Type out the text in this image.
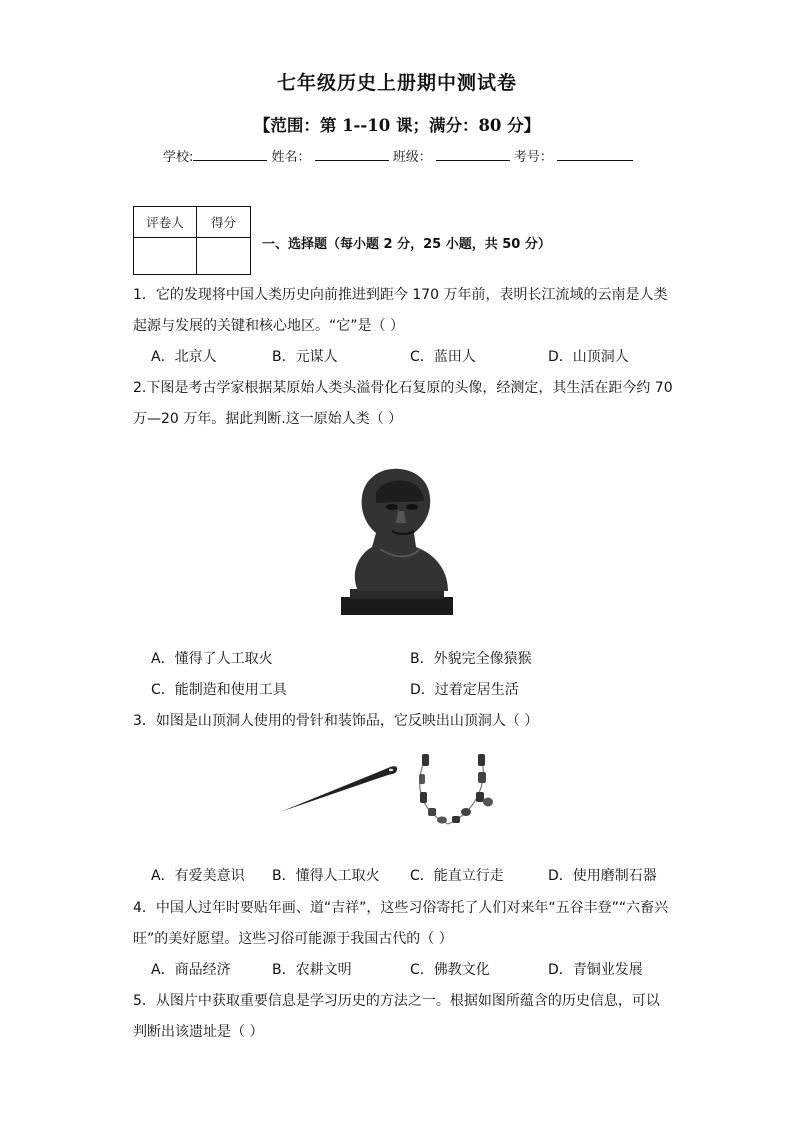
七年级历史上册期中测试卷
【范围：第 1--10 课；满分：80 分】
学校:	姓名：	班级：	考号：
评卷人	得分

一、选择题（每小题 2 分，25 小题，共 50 分）
1．它的发现将中国人类历史向前推进到距今 170 万年前，表明长江流域的云南是人类
起源与发展的关键和核心地区。“它”是（ ）
A．北京人	B．元谋人	C．蓝田人	D．山顶洞人
2.下图是考古学家根据某原始人类头溢骨化石复原的头像，经测定，其生活在距今约 70
万—20 万年。据此判断.这一原始人类（ ）
A．懂得了人工取火	B．外貌完全像猿猴
C．能制造和使用工具	D．过着定居生活
3．如图是山顶洞人使用的骨针和装饰品，它反映出山顶洞人（ ）
A．有爱美意识 B．懂得人工取火 C．能直立行走	D．使用磨制石器
4．中国人过年时要贴年画、道“吉祥”，这些习俗寄托了人们对来年“五谷丰登”“六畜兴
旺”的美好愿望。这些习俗可能源于我国古代的（ ）
A．商品经济	B．农耕文明	C．佛教文化	D．青铜业发展
5．从图片中获取重要信息是学习历史的方法之一。根据如图所蕴含的历史信息，可以
判断出该遗址是（ ）
